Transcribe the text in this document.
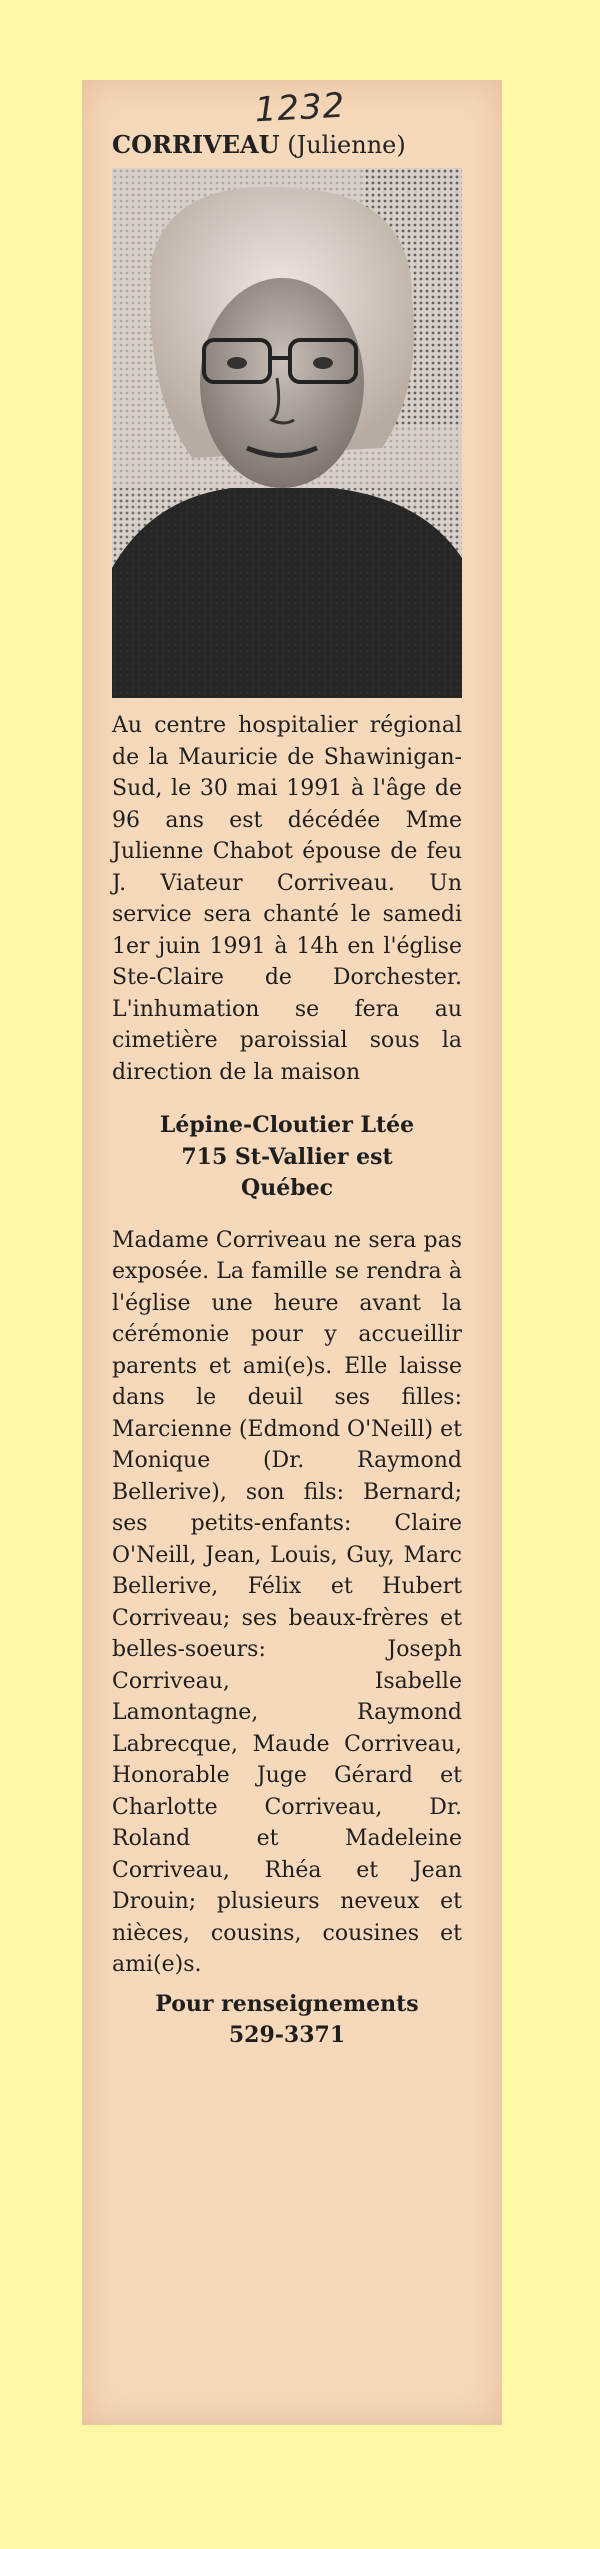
1232
CORRIVEAU (Julienne)

Au centre hospitalier régional de la Mauricie de Shawinigan-Sud, le 30 mai 1991 à l'âge de 96 ans est décédée Mme Julienne Chabot épouse de feu J. Viateur Corriveau. Un service sera chanté le samedi 1er juin 1991 à 14h en l'église Ste-Claire de Dorchester. L'inhumation se fera au cimetière paroissial sous la direction de la maison

Lépine-Cloutier Ltée
715 St-Vallier est
Québec

Madame Corriveau ne sera pas exposée. La famille se rendra à l'église une heure avant la cérémonie pour y accueillir parents et ami(e)s. Elle laisse dans le deuil ses filles: Marcienne (Edmond O'Neill) et Monique (Dr. Raymond Bellerive), son fils: Bernard; ses petits-enfants: Claire O'Neill, Jean, Louis, Guy, Marc Bellerive, Félix et Hubert Corriveau; ses beaux-frères et belles-soeurs: Joseph Corriveau, Isabelle Lamontagne, Raymond Labrecque, Maude Corriveau, Honorable Juge Gérard et Charlotte Corriveau, Dr. Roland et Madeleine Corriveau, Rhéa et Jean Drouin; plusieurs neveux et nièces, cousins, cousines et ami(e)s.

Pour renseignements
529-3371
